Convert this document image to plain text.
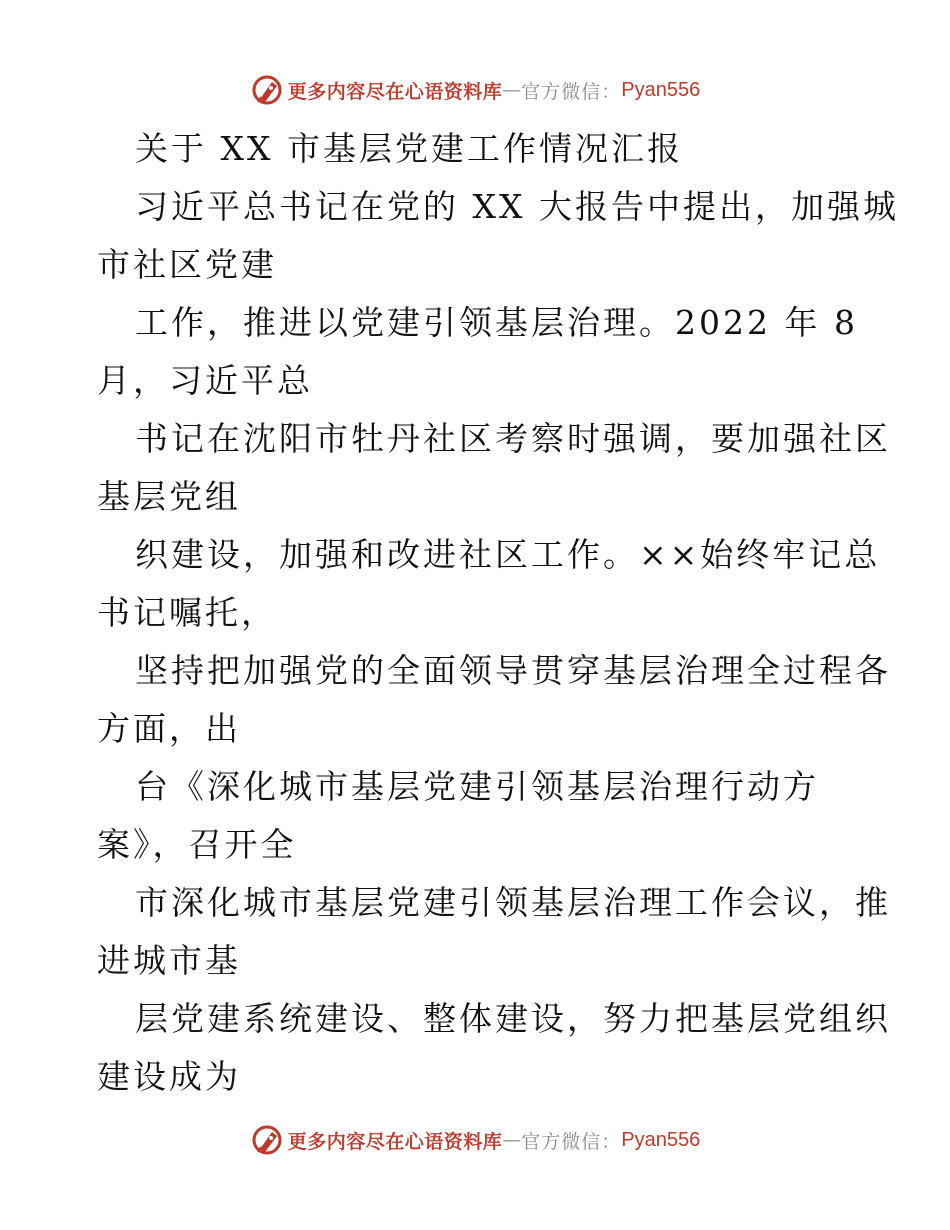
更多内容尽在心语资料库 — 官方微信： Pyan556
关于 XX 市基层党建工作情况汇报
习近平总书记在党的 XX 大报告中提出，加强城
市社区党建
工作，推进以党建引领基层治理。2022 年 8
月，习近平总
书记在沈阳市牡丹社区考察时强调，要加强社区
基层党组
织建设，加强和改进社区工作。××始终牢记总
书记嘱托，
坚持把加强党的全面领导贯穿基层治理全过程各
方面，出
台《深化城市基层党建引领基层治理行动方
案》，召开全
市深化城市基层党建引领基层治理工作会议，推
进城市基
层党建系统建设、整体建设，努力把基层党组织
建设成为
更多内容尽在心语资料库 — 官方微信： Pyan556
